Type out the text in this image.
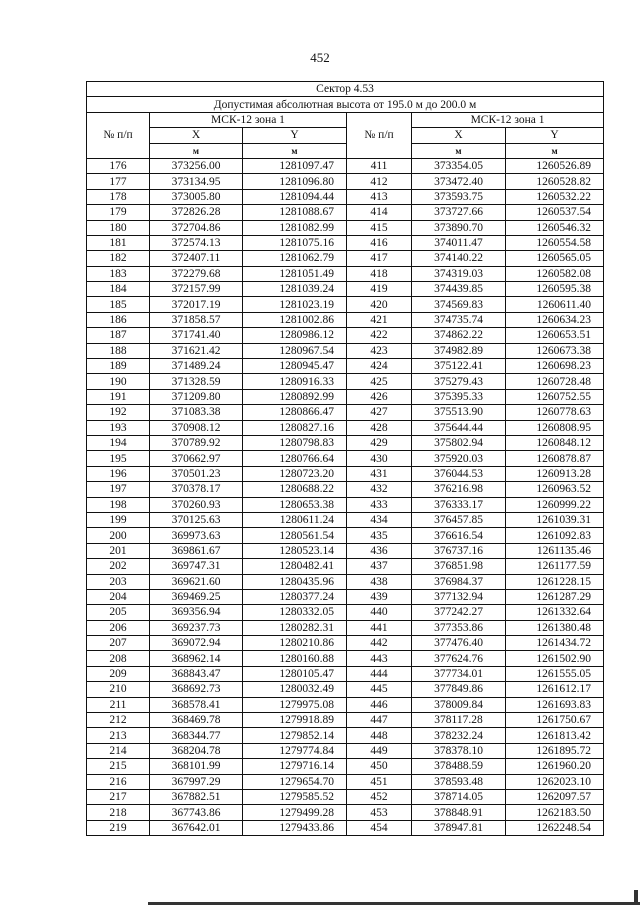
452
Сектор 4.53					
Допустимая абсолютная высота от 195.0 м до 200.0 м					
№ п/п	МСК-12 зона 1		№ п/п	МСК-12 зона 1	
	X	Y		X	Y
	м	м		м	м
176	373256.00	1281097.47	411	373354.05	1260526.89
177	373134.95	1281096.80	412	373472.40	1260528.82
178	373005.80	1281094.44	413	373593.75	1260532.22
179	372826.28	1281088.67	414	373727.66	1260537.54
180	372704.86	1281082.99	415	373890.70	1260546.32
181	372574.13	1281075.16	416	374011.47	1260554.58
182	372407.11	1281062.79	417	374140.22	1260565.05
183	372279.68	1281051.49	418	374319.03	1260582.08
184	372157.99	1281039.24	419	374439.85	1260595.38
185	372017.19	1281023.19	420	374569.83	1260611.40
186	371858.57	1281002.86	421	374735.74	1260634.23
187	371741.40	1280986.12	422	374862.22	1260653.51
188	371621.42	1280967.54	423	374982.89	1260673.38
189	371489.24	1280945.47	424	375122.41	1260698.23
190	371328.59	1280916.33	425	375279.43	1260728.48
191	371209.80	1280892.99	426	375395.33	1260752.55
192	371083.38	1280866.47	427	375513.90	1260778.63
193	370908.12	1280827.16	428	375644.44	1260808.95
194	370789.92	1280798.83	429	375802.94	1260848.12
195	370662.97	1280766.64	430	375920.03	1260878.87
196	370501.23	1280723.20	431	376044.53	1260913.28
197	370378.17	1280688.22	432	376216.98	1260963.52
198	370260.93	1280653.38	433	376333.17	1260999.22
199	370125.63	1280611.24	434	376457.85	1261039.31
200	369973.63	1280561.54	435	376616.54	1261092.83
201	369861.67	1280523.14	436	376737.16	1261135.46
202	369747.31	1280482.41	437	376851.98	1261177.59
203	369621.60	1280435.96	438	376984.37	1261228.15
204	369469.25	1280377.24	439	377132.94	1261287.29
205	369356.94	1280332.05	440	377242.27	1261332.64
206	369237.73	1280282.31	441	377353.86	1261380.48
207	369072.94	1280210.86	442	377476.40	1261434.72
208	368962.14	1280160.88	443	377624.76	1261502.90
209	368843.47	1280105.47	444	377734.01	1261555.05
210	368692.73	1280032.49	445	377849.86	1261612.17
211	368578.41	1279975.08	446	378009.84	1261693.83
212	368469.78	1279918.89	447	378117.28	1261750.67
213	368344.77	1279852.14	448	378232.24	1261813.42
214	368204.78	1279774.84	449	378378.10	1261895.72
215	368101.99	1279716.14	450	378488.59	1261960.20
216	367997.29	1279654.70	451	378593.48	1262023.10
217	367882.51	1279585.52	452	378714.05	1262097.57
218	367743.86	1279499.28	453	378848.91	1262183.50
219	367642.01	1279433.86	454	378947.81	1262248.54
